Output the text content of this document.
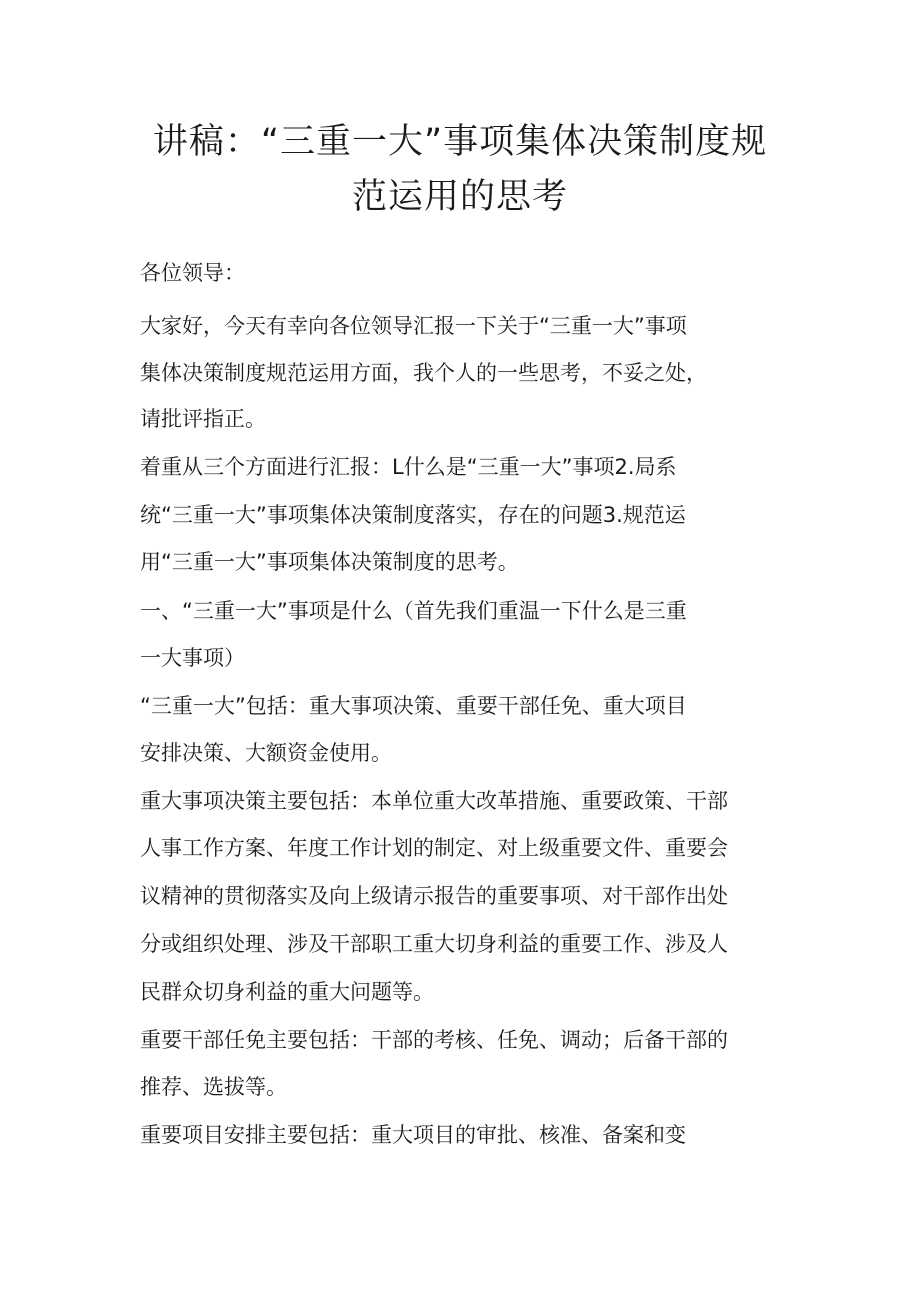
讲稿：“三重一大”事项集体决策制度规
范运用的思考

各位领导：

大家好，今天有幸向各位领导汇报一下关于“三重一大”事项

集体决策制度规范运用方面，我个人的一些思考，不妥之处，

请批评指正。

着重从三个方面进行汇报：L什么是“三重一大”事项2.局系

统“三重一大”事项集体决策制度落实，存在的问题3.规范运

用“三重一大”事项集体决策制度的思考。

一、“三重一大”事项是什么（首先我们重温一下什么是三重

一大事项）

“三重一大”包括：重大事项决策、重要干部任免、重大项目

安排决策、大额资金使用。

重大事项决策主要包括：本单位重大改革措施、重要政策、干部

人事工作方案、年度工作计划的制定、对上级重要文件、重要会

议精神的贯彻落实及向上级请示报告的重要事项、对干部作出处

分或组织处理、涉及干部职工重大切身利益的重要工作、涉及人

民群众切身利益的重大问题等。

重要干部任免主要包括：干部的考核、任免、调动；后备干部的

推荐、选拔等。

重要项目安排主要包括：重大项目的审批、核准、备案和变
